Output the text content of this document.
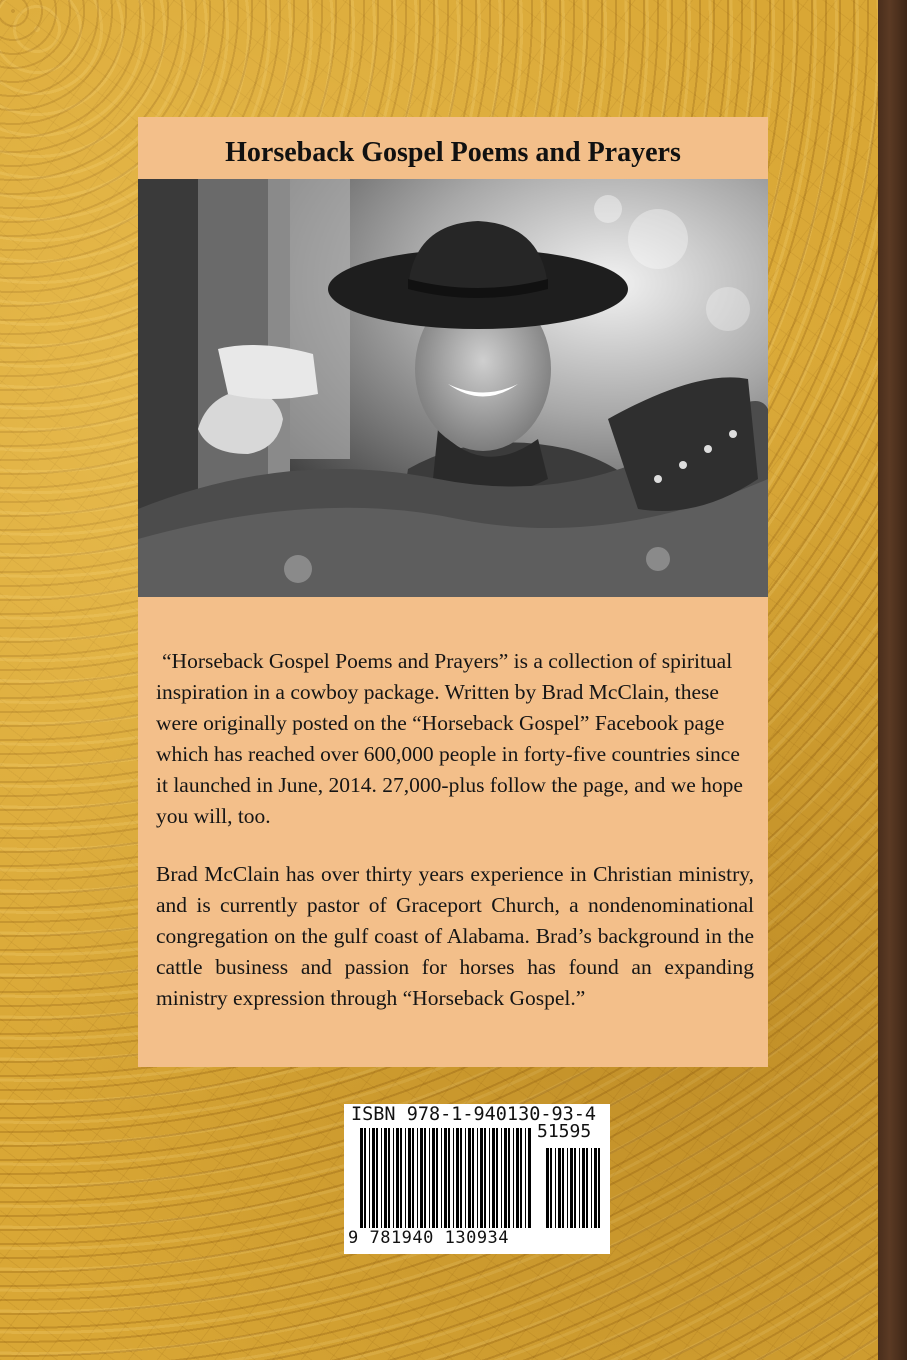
Horseback Gospel Poems and Prayers

“Horseback Gospel Poems and Prayers” is a collection of spiritual inspiration in a cowboy package. Written by Brad McClain, these were originally posted on the “Horseback Gospel” Facebook page which has reached over 600,000 people in forty-five countries since it launched in June, 2014. 27,000-plus follow the page, and we hope you will, too.

Brad McClain has over thirty years experience in Christian ministry, and is currently pastor of Graceport Church, a nondenominational congregation on the gulf coast of Alabama. Brad’s background in the cattle business and passion for horses has found an expanding ministry expression through “Horseback Gospel.”

ISBN 978-1-940130-93-4
51595
9 781940 130934
